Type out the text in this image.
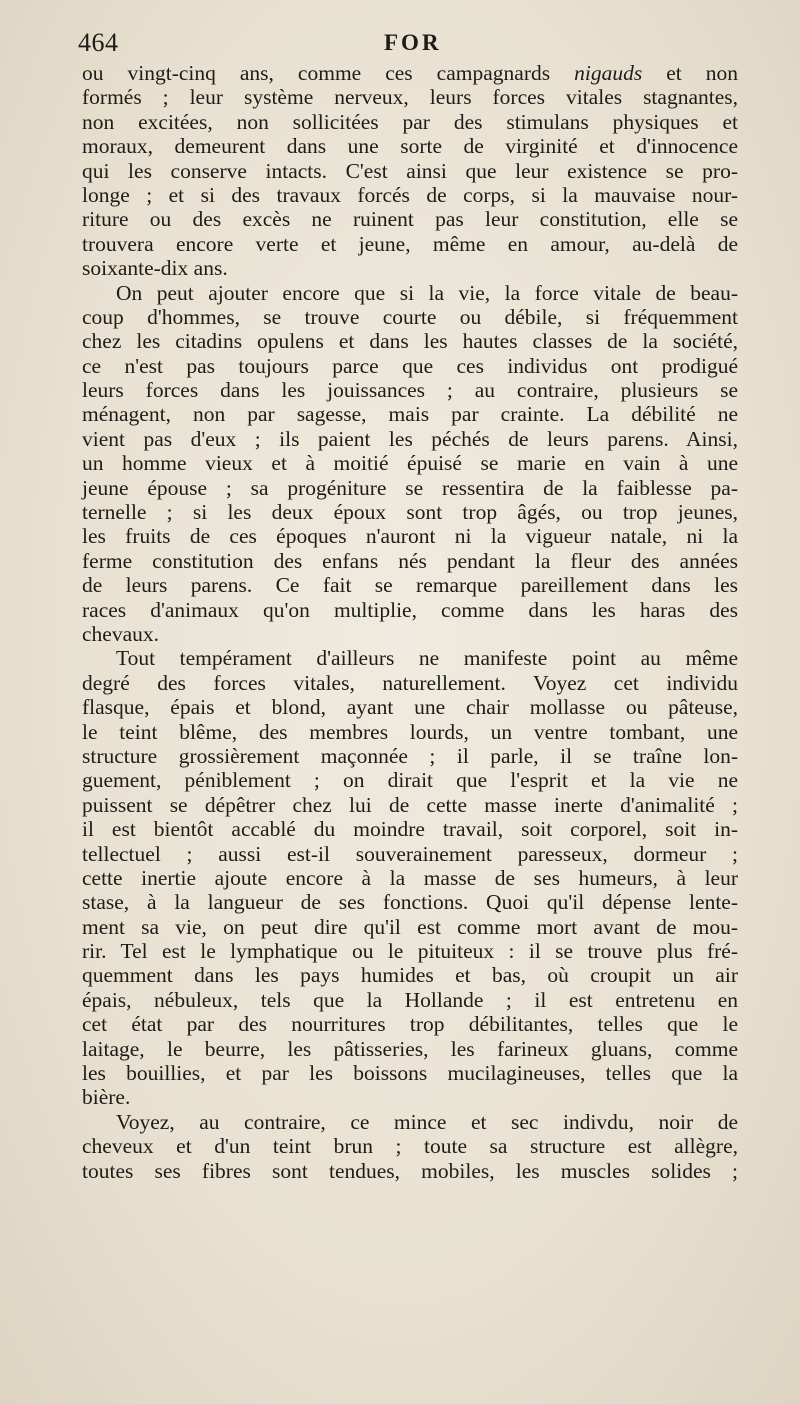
464	FOR
ou vingt-cinq ans, comme ces campagnards nigauds et non
formés ; leur système nerveux, leurs forces vitales stagnantes,
non excitées, non sollicitées par des stimulans physiques et
moraux, demeurent dans une sorte de virginité et d'innocence
qui les conserve intacts. C'est ainsi que leur existence se pro-
longe ; et si des travaux forcés de corps, si la mauvaise nour-
riture ou des excès ne ruinent pas leur constitution, elle se
trouvera encore verte et jeune, même en amour, au-delà de
soixante-dix ans.
On peut ajouter encore que si la vie, la force vitale de beau-
coup d'hommes, se trouve courte ou débile, si fréquemment
chez les citadins opulens et dans les hautes classes de la société,
ce n'est pas toujours parce que ces individus ont prodigué
leurs forces dans les jouissances ; au contraire, plusieurs se
ménagent, non par sagesse, mais par crainte. La débilité ne
vient pas d'eux ; ils paient les péchés de leurs parens. Ainsi,
un homme vieux et à moitié épuisé se marie en vain à une
jeune épouse ; sa progéniture se ressentira de la faiblesse pa-
ternelle ; si les deux époux sont trop âgés, ou trop jeunes,
les fruits de ces époques n'auront ni la vigueur natale, ni la
ferme constitution des enfans nés pendant la fleur des années
de leurs parens. Ce fait se remarque pareillement dans les
races d'animaux qu'on multiplie, comme dans les haras des
chevaux.
Tout tempérament d'ailleurs ne manifeste point au même
degré des forces vitales, naturellement. Voyez cet individu
flasque, épais et blond, ayant une chair mollasse ou pâteuse,
le teint blême, des membres lourds, un ventre tombant, une
structure grossièrement maçonnée ; il parle, il se traîne lon-
guement, péniblement ; on dirait que l'esprit et la vie ne
puissent se dépêtrer chez lui de cette masse inerte d'animalité ;
il est bientôt accablé du moindre travail, soit corporel, soit in-
tellectuel ; aussi est-il souverainement paresseux, dormeur ;
cette inertie ajoute encore à la masse de ses humeurs, à leur
stase, à la langueur de ses fonctions. Quoi qu'il dépense lente-
ment sa vie, on peut dire qu'il est comme mort avant de mou-
rir. Tel est le lymphatique ou le pituiteux : il se trouve plus fré-
quemment dans les pays humides et bas, où croupit un air
épais, nébuleux, tels que la Hollande ; il est entretenu en
cet état par des nourritures trop débilitantes, telles que le
laitage, le beurre, les pâtisseries, les farineux gluans, comme
les bouillies, et par les boissons mucilagineuses, telles que la
bière.
Voyez, au contraire, ce mince et sec indivdu, noir de
cheveux et d'un teint brun ; toute sa structure est allègre,
toutes ses fibres sont tendues, mobiles, les muscles solides ;
